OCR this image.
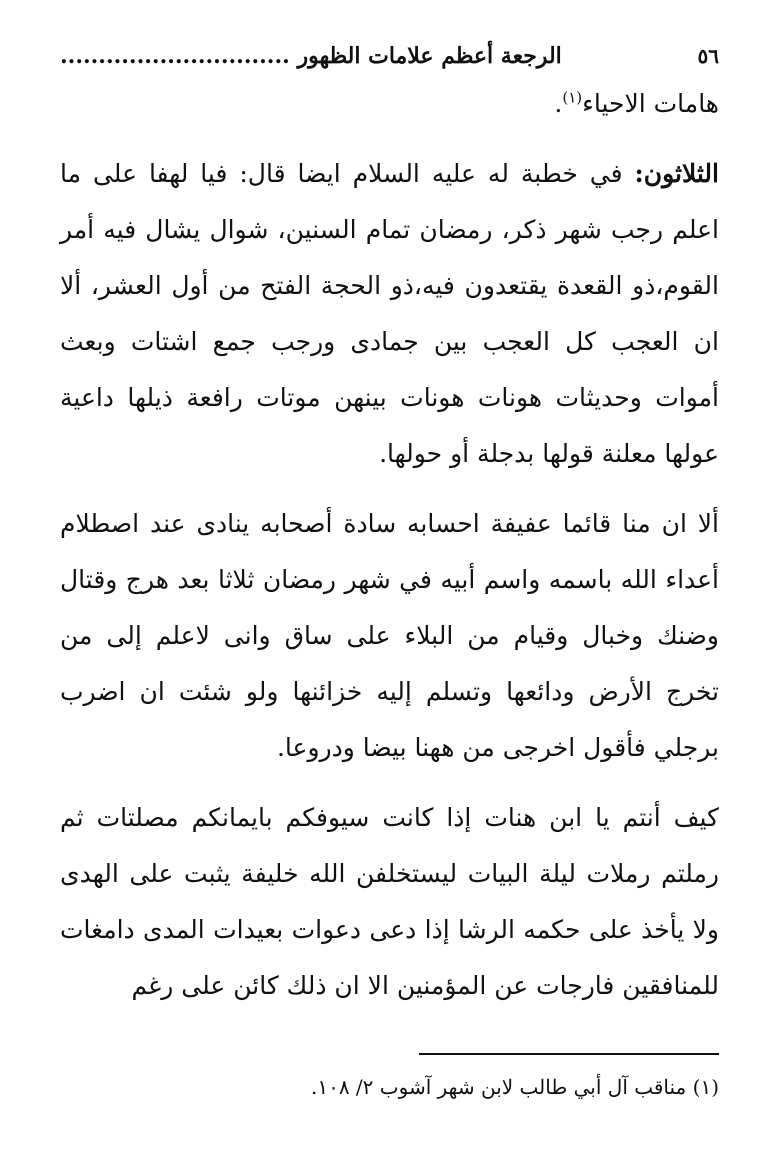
٥٦
الرجعة أعظم علامات الظهور ..............................

هامات الاحياء$^{(١)}$.

الثلاثون: في خطبة له عليه السلام ايضا قال: فيا لهفا على ما اعلم رجب شهر ذكر، رمضان تمام السنين، شوال يشال فيه أمر القوم،ذو القعدة يقتعدون فيه،ذو الحجة الفتح من أول العشر، ألا ان العجب كل العجب بين جمادى ورجب جمع اشتات وبعث أموات وحديثات هونات هونات بينهن موتات رافعة ذيلها داعية عولها معلنة قولها بدجلة أو حولها.

ألا ان منا قائما عفيفة احسابه سادة أصحابه ينادى عند اصطلام أعداء الله باسمه واسم أبيه في شهر رمضان ثلاثا بعد هرج وقتال وضنك وخبال وقيام من البلاء على ساق وانى لاعلم إلى من تخرج الأرض ودائعها وتسلم إليه خزائنها ولو شئت ان اضرب برجلي فأقول اخرجى من ههنا بيضا ودروعا.

كيف أنتم يا ابن هنات إذا كانت سيوفكم بايمانكم مصلتات ثم رملتم رملات ليلة البيات ليستخلفن الله خليفة يثبت على الهدى ولا يأخذ على حكمه الرشا إذا دعى دعوات بعيدات المدى دامغات للمنافقين فارجات عن المؤمنين الا ان ذلك كائن على رغم

(١) مناقب آل أبي طالب لابن شهر آشوب ٢/ ١٠٨.
